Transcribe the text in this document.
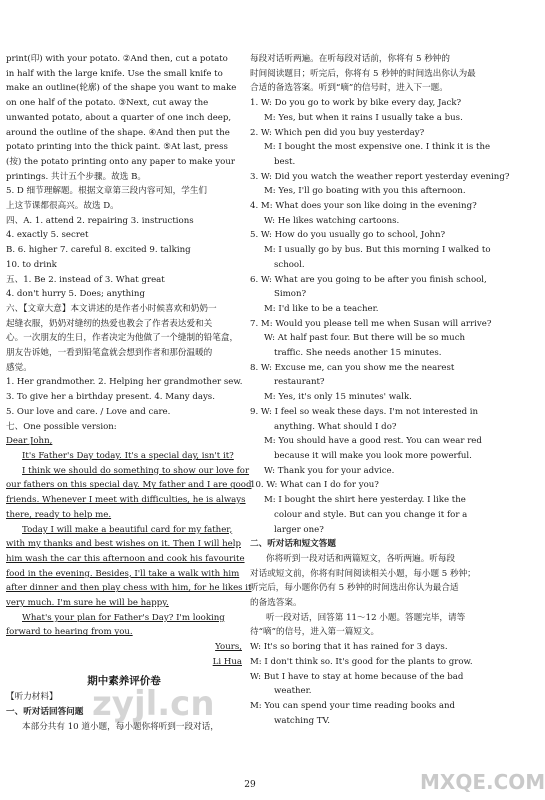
print(印) with your potato. ②And then, cut a potato
in half with the large knife. Use the small knife to
make an outline(轮廓) of the shape you want to make
on one half of the potato. ③Next, cut away the
unwanted potato, about a quarter of one inch deep,
around the outline of the shape. ④And then put the
potato printing into the thick paint. ⑤At last, press
(按) the potato printing onto any paper to make your
printings. 共计五个步骤。故选 B。
5. D 细节理解题。根据文章第三段内容可知，学生们
上这节课都很高兴。故选 D。
四、A. 1. attend 2. repairing 3. instructions
4. exactly 5. secret
B. 6. higher 7. careful 8. excited 9. talking
10. to drink
五、1. Be 2. instead of 3. What great
4. don't hurry 5. Does; anything
六、【文章大意】本文讲述的是作者小时候喜欢和奶奶一
起缝衣服，奶奶对缝纫的热爱也教会了作者表达爱和关
心。一次朋友的生日，作者决定为他做了一个缝制的铅笔盒，
朋友告诉她，一看到铅笔盒就会想到作者和那份温暖的
感觉。
1. Her grandmother. 2. Helping her grandmother sew.
3. To give her a birthday present. 4. Many days.
5. Our love and care. / Love and care.
七、One possible version:
Dear John,
It's Father's Day today. It's a special day, isn't it?
I think we should do something to show our love for
our fathers on this special day. My father and I are good
friends. Whenever I meet with difficulties, he is always
there, ready to help me.
Today I will make a beautiful card for my father,
with my thanks and best wishes on it. Then I will help
him wash the car this afternoon and cook his favourite
food in the evening. Besides, I'll take a walk with him
after dinner and then play chess with him, for he likes it
very much. I'm sure he will be happy.
What's your plan for Father's Day? I'm looking
forward to hearing from you.
Yours,
Li Hua
期中素养评价卷
【听力材料】
一、听对话回答问题
本部分共有 10 道小题，每小题你将听到一段对话，
每段对话听两遍。在听每段对话前，你将有 5 秒钟的
时间阅读题目；听完后，你将有 5 秒钟的时间选出你认为最
合适的备选答案。听到“嘀”的信号时，进入下一题。
1. W: Do you go to work by bike every day, Jack?
M: Yes, but when it rains I usually take a bus.
2. W: Which pen did you buy yesterday?
M: I bought the most expensive one. I think it is the
best.
3. W: Did you watch the weather report yesterday evening?
M: Yes, I'll go boating with you this afternoon.
4. M: What does your son like doing in the evening?
W: He likes watching cartoons.
5. W: How do you usually go to school, John?
M: I usually go by bus. But this morning I walked to
school.
6. W: What are you going to be after you finish school,
Simon?
M: I'd like to be a teacher.
7. M: Would you please tell me when Susan will arrive?
W: At half past four. But there will be so much
traffic. She needs another 15 minutes.
8. W: Excuse me, can you show me the nearest
restaurant?
M: Yes, it's only 15 minutes' walk.
9. W: I feel so weak these days. I'm not interested in
anything. What should I do?
M: You should have a good rest. You can wear red
because it will make you look more powerful.
W: Thank you for your advice.
10. W: What can I do for you?
M: I bought the shirt here yesterday. I like the
colour and style. But can you change it for a
larger one?
二、听对话和短文答题
你将听到一段对话和两篇短文，各听两遍。听每段
对话或短文前，你将有时间阅读相关小题，每小题 5 秒钟；
听完后，每小题你仍有 5 秒钟的时间选出你认为最合适
的备选答案。
听一段对话，回答第 11～12 小题。答题完毕，请等
待“嘀”的信号，进入第一篇短文。
W: It's so boring that it has rained for 3 days.
M: I don't think so. It's good for the plants to grow.
W: But I have to stay at home because of the bad
weather.
M: You can spend your time reading books and
watching TV.
29
zyjl.cn
MXQE.COM
